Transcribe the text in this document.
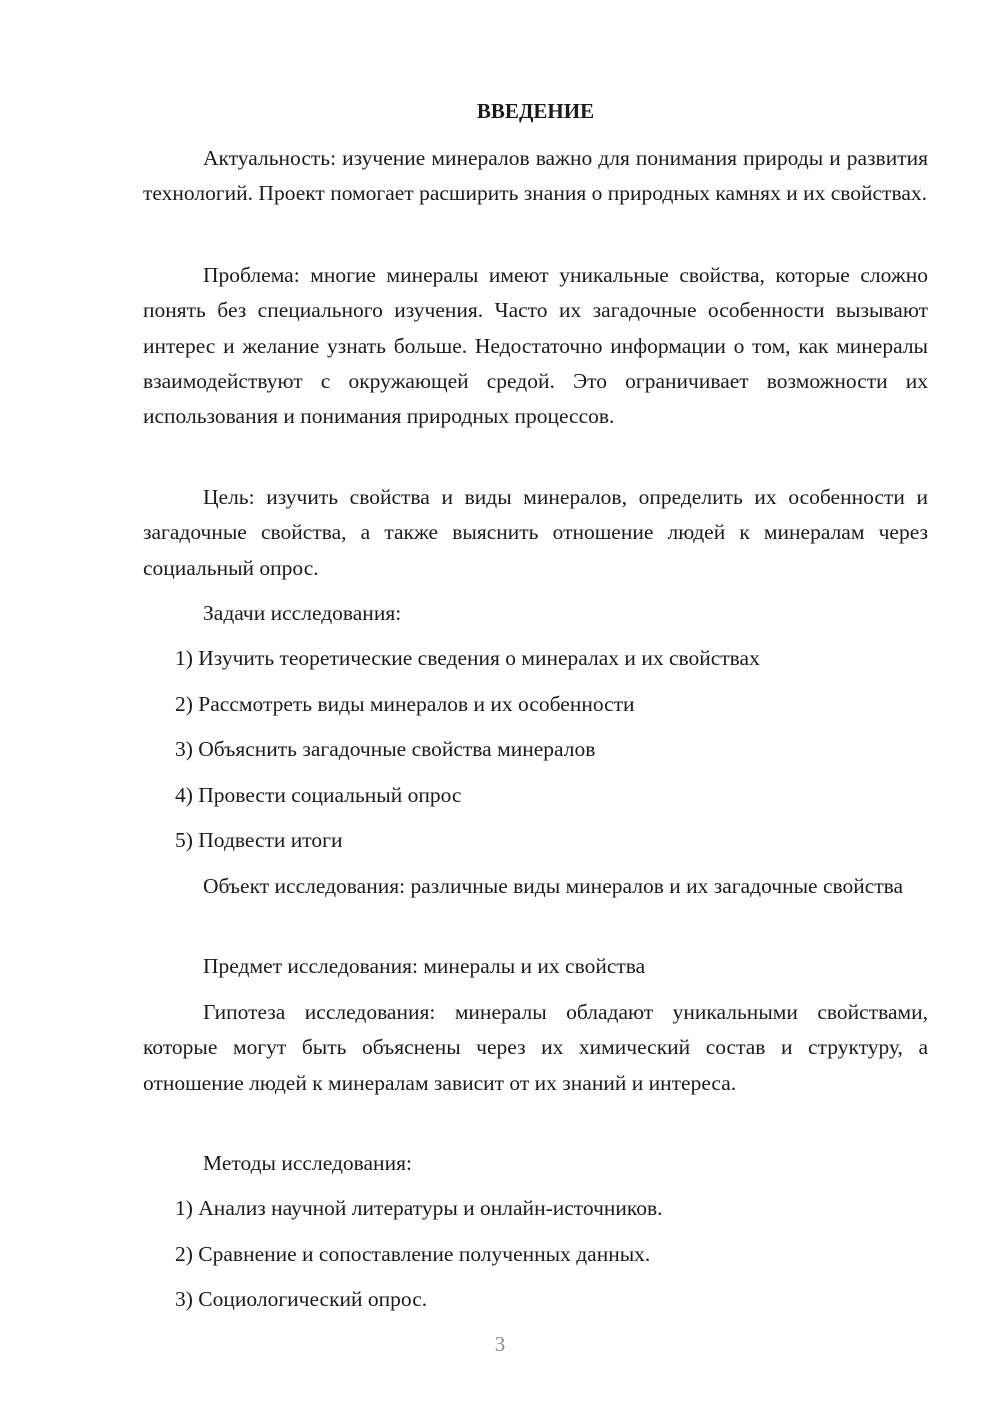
ВВЕДЕНИЕ

Актуальность: изучение минералов важно для понимания природы и развития технологий. Проект помогает расширить знания о природных камнях и их свойствах.

Проблема: многие минералы имеют уникальные свойства, которые сложно понять без специального изучения. Часто их загадочные особенности вызывают интерес и желание узнать больше. Недостаточно информации о том, как минералы взаимодействуют с окружающей средой. Это ограничивает возможности их использования и понимания природных процессов.

Цель: изучить свойства и виды минералов, определить их особенности и загадочные свойства, а также выяснить отношение людей к минералам через социальный опрос.

Задачи исследования:

1) Изучить теоретические сведения о минералах и их свойствах

2) Рассмотреть виды минералов и их особенности

3) Объяснить загадочные свойства минералов

4) Провести социальный опрос

5) Подвести итоги

Объект исследования: различные виды минералов и их загадочные свойства

Предмет исследования: минералы и их свойства

Гипотеза исследования: минералы обладают уникальными свойствами, которые могут быть объяснены через их химический состав и структуру, а отношение людей к минералам зависит от их знаний и интереса.

Методы исследования:

1) Анализ научной литературы и онлайн-источников.

2) Сравнение и сопоставление полученных данных.

3) Социологический опрос.

3
